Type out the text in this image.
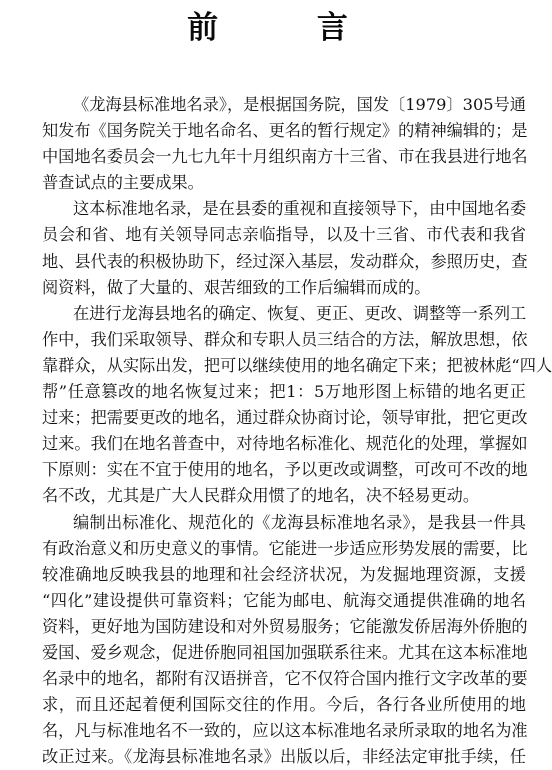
前 言
《龙海县标准地名录》，是根据国务院，国发〔1979〕305号通
知发布《国务院关于地名命名、更名的暂行规定》的精神编辑的；是
中国地名委员会一九七九年十月组织南方十三省、市在我县进行地名
普查试点的主要成果。
这本标准地名录，是在县委的重视和直接领导下，由中国地名委
员会和省、地有关领导同志亲临指导，以及十三省、市代表和我省
地、县代表的积极协助下，经过深入基层，发动群众，参照历史，查
阅资料，做了大量的、艰苦细致的工作后编辑而成的。
在进行龙海县地名的确定、恢复、更正、更改、调整等一系列工
作中，我们采取领导、群众和专职人员三结合的方法，解放思想，依
靠群众，从实际出发，把可以继续使用的地名确定下来；把被林彪“四人
帮”任意篡改的地名恢复过来；把1：5万地形图上标错的地名更正
过来；把需要更改的地名，通过群众协商讨论，领导审批，把它更改
过来。我们在地名普查中，对待地名标准化、规范化的处理，掌握如
下原则：实在不宜于使用的地名，予以更改或调整，可改可不改的地
名不改，尤其是广大人民群众用惯了的地名，决不轻易更动。
编制出标准化、规范化的《龙海县标准地名录》，是我县一件具
有政治意义和历史意义的事情。它能进一步适应形势发展的需要，比
较准确地反映我县的地理和社会经济状况，为发掘地理资源，支援
“四化”建设提供可靠资料；它能为邮电、航海交通提供准确的地名
资料，更好地为国防建设和对外贸易服务；它能激发侨居海外侨胞的
爱国、爱乡观念，促进侨胞同祖国加强联系往来。尤其在这本标准地
名录中的地名，都附有汉语拼音，它不仅符合国内推行文字改革的要
求，而且还起着便利国际交往的作用。今后，各行各业所使用的地
名，凡与标准地名不一致的，应以这本标准地名录所录取的地名为准
改正过来。《龙海县标准地名录》出版以后，非经法定审批手续，任
